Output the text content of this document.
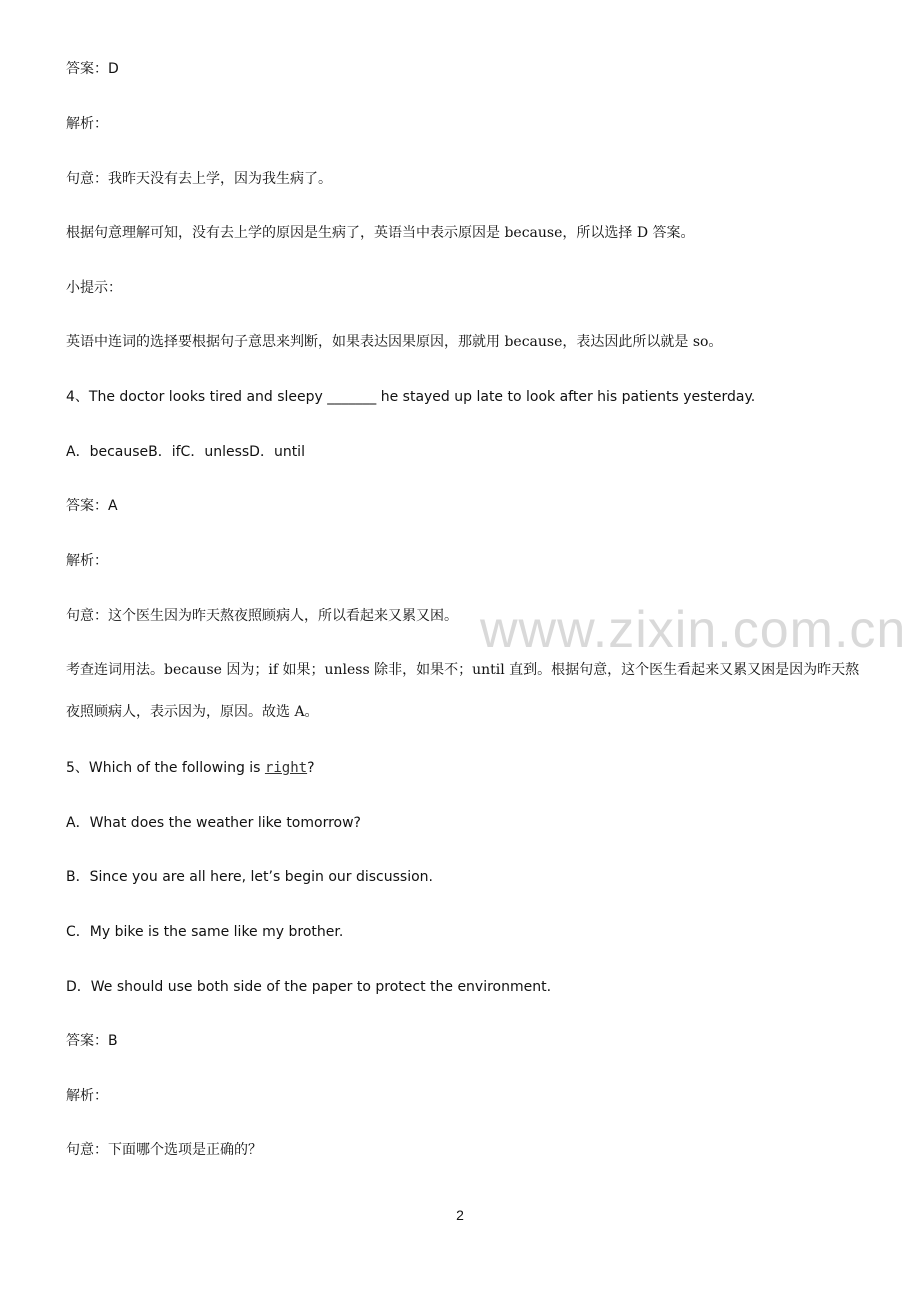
www.zixin.com.cn
答案：D
解析：
句意：我昨天没有去上学，因为我生病了。
根据句意理解可知，没有去上学的原因是生病了，英语当中表示原因是 because，所以选择 D 答案。
小提示：
英语中连词的选择要根据句子意思来判断，如果表达因果原因，那就用 because，表达因此所以就是 so。
4、The doctor looks tired and sleepy _______ he stayed up late to look after his patients yesterday.
A．becauseB．ifC．unlessD．until
答案：A
解析：
句意：这个医生因为昨天熬夜照顾病人，所以看起来又累又困。
考查连词用法。because 因为；if 如果；unless 除非，如果不；until 直到。根据句意，这个医生看起来又累又困是因为昨天熬夜照顾病人，表示因为，原因。故选 A。
5、Which of the following is right?
A．What does the weather like tomorrow?
B．Since you are all here, let’s begin our discussion.
C．My bike is the same like my brother.
D．We should use both side of the paper to protect the environment.
答案：B
解析：
句意：下面哪个选项是正确的？
2
